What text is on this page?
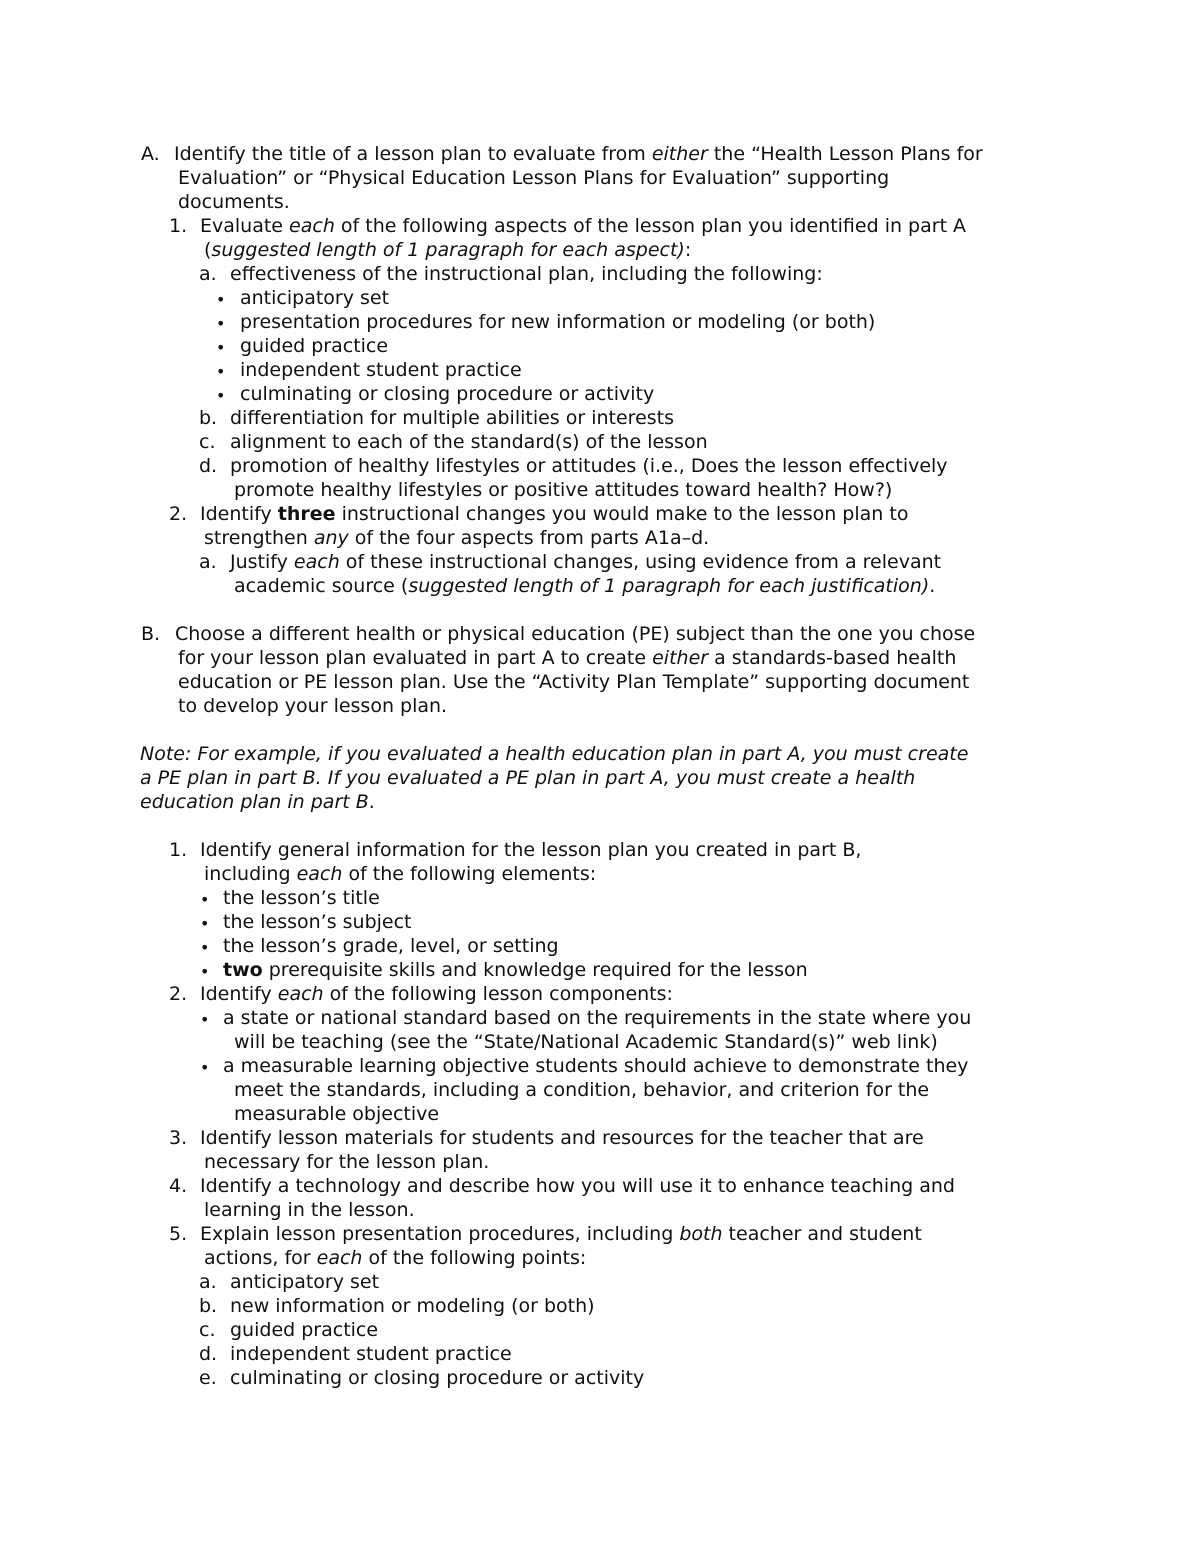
A. Identify the title of a lesson plan to evaluate from either the “Health Lesson Plans for
Evaluation” or “Physical Education Lesson Plans for Evaluation” supporting
documents.
1. Evaluate each of the following aspects of the lesson plan you identified in part A
(suggested length of 1 paragraph for each aspect):
a. effectiveness of the instructional plan, including the following:
• anticipatory set
• presentation procedures for new information or modeling (or both)
• guided practice
• independent student practice
• culminating or closing procedure or activity
b. differentiation for multiple abilities or interests
c. alignment to each of the standard(s) of the lesson
d. promotion of healthy lifestyles or attitudes (i.e., Does the lesson effectively
promote healthy lifestyles or positive attitudes toward health? How?)
2. Identify three instructional changes you would make to the lesson plan to
strengthen any of the four aspects from parts A1a–d.
a. Justify each of these instructional changes, using evidence from a relevant
academic source (suggested length of 1 paragraph for each justification).
B. Choose a different health or physical education (PE) subject than the one you chose
for your lesson plan evaluated in part A to create either a standards-based health
education or PE lesson plan. Use the “Activity Plan Template” supporting document
to develop your lesson plan.
Note: For example, if you evaluated a health education plan in part A, you must create
a PE plan in part B. If you evaluated a PE plan in part A, you must create a health
education plan in part B.
1. Identify general information for the lesson plan you created in part B,
including each of the following elements:
• the lesson’s title
• the lesson’s subject
• the lesson’s grade, level, or setting
• two prerequisite skills and knowledge required for the lesson
2. Identify each of the following lesson components:
• a state or national standard based on the requirements in the state where you
will be teaching (see the “State/National Academic Standard(s)” web link)
• a measurable learning objective students should achieve to demonstrate they
meet the standards, including a condition, behavior, and criterion for the
measurable objective
3. Identify lesson materials for students and resources for the teacher that are
necessary for the lesson plan.
4. Identify a technology and describe how you will use it to enhance teaching and
learning in the lesson.
5. Explain lesson presentation procedures, including both teacher and student
actions, for each of the following points:
a. anticipatory set
b. new information or modeling (or both)
c. guided practice
d. independent student practice
e. culminating or closing procedure or activity
